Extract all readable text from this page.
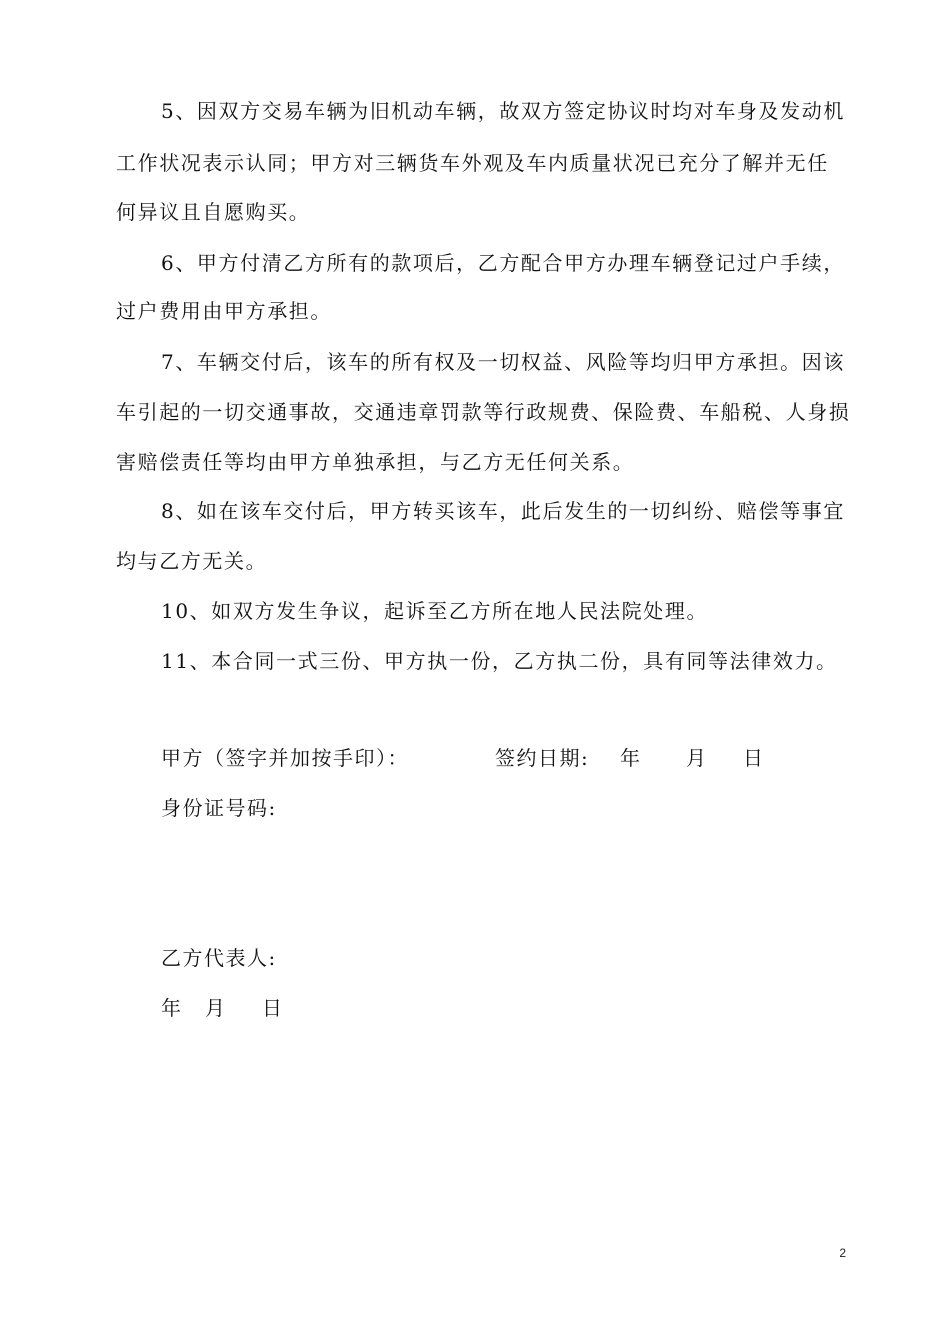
5、因双方交易车辆为旧机动车辆，故双方签定协议时均对车身及发动机
工作状况表示认同；甲方对三辆货车外观及车内质量状况已充分了解并无任
何异议且自愿购买。
6、甲方付清乙方所有的款项后，乙方配合甲方办理车辆登记过户手续，
过户费用由甲方承担。
7、车辆交付后，该车的所有权及一切权益、风险等均归甲方承担。因该
车引起的一切交通事故，交通违章罚款等行政规费、保险费、车船税、人身损
害赔偿责任等均由甲方单独承担，与乙方无任何关系。
8、如在该车交付后，甲方转买该车，此后发生的一切纠纷、赔偿等事宜
均与乙方无关。
10、如双方发生争议，起诉至乙方所在地人民法院处理。
11、本合同一式三份、甲方执一份，乙方执二份，具有同等法律效力。
甲方（签字并加按手印）：	签约日期: 年 月 日
身份证号码:
乙方代表人:
年 月 日
2
